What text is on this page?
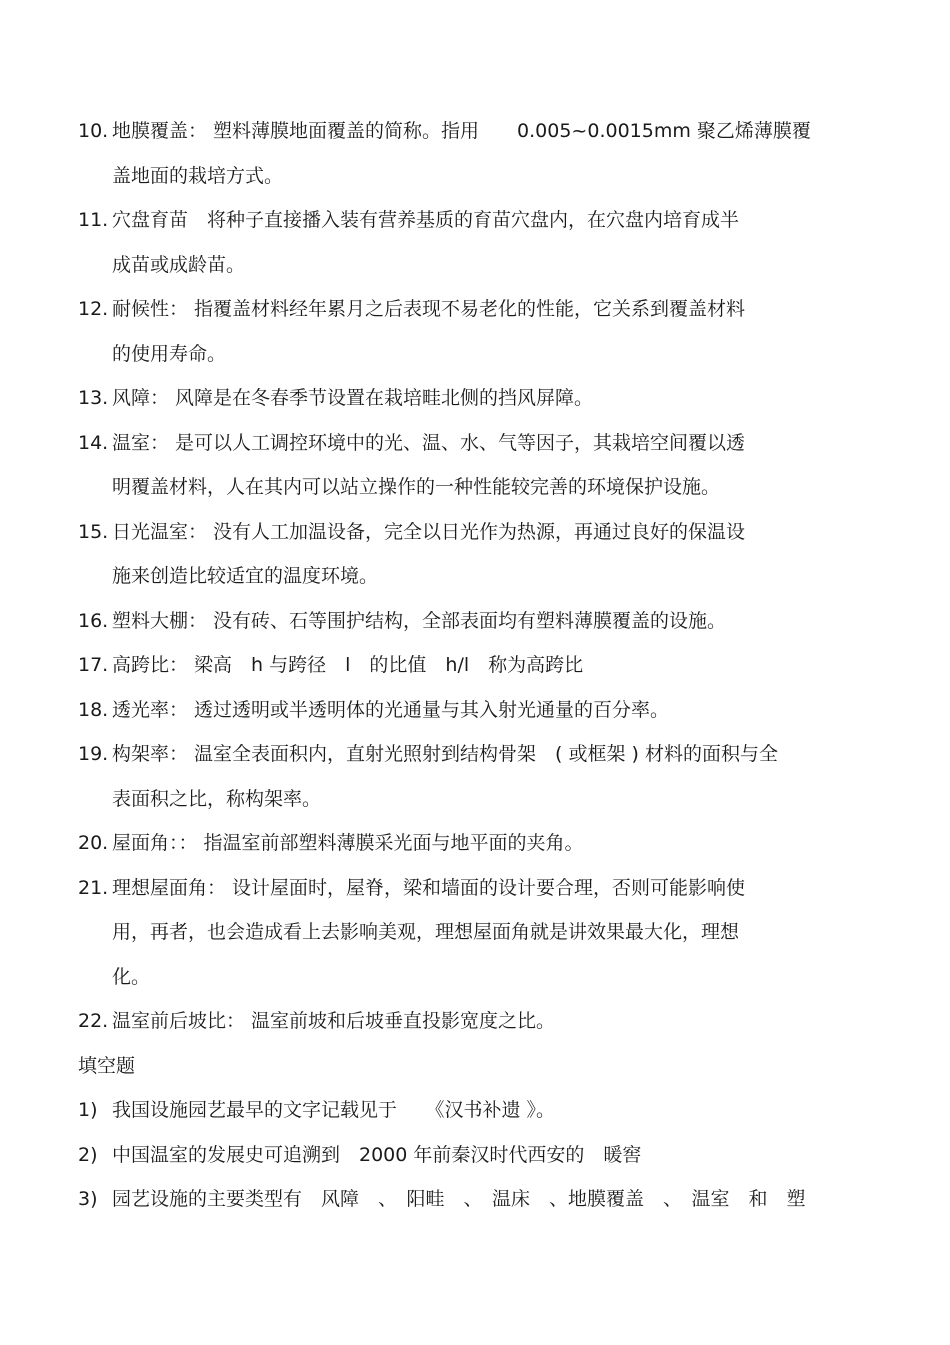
10. 地膜覆盖： 塑料薄膜地面覆盖的简称。指用　　0.005~0.0015mm 聚乙烯薄膜覆
盖地面的栽培方式。
11. 穴盘育苗　将种子直接播入装有营养基质的育苗穴盘内，在穴盘内培育成半
成苗或成龄苗。
12. 耐候性： 指覆盖材料经年累月之后表现不易老化的性能，它关系到覆盖材料
的使用寿命。
13. 风障： 风障是在冬春季节设置在栽培畦北侧的挡风屏障。
14. 温室： 是可以人工调控环境中的光、温、水、气等因子，其栽培空间覆以透
明覆盖材料，人在其内可以站立操作的一种性能较完善的环境保护设施。
15. 日光温室： 没有人工加温设备，完全以日光作为热源，再通过良好的保温设
施来创造比较适宜的温度环境。
16. 塑料大棚： 没有砖、石等围护结构，全部表面均有塑料薄膜覆盖的设施。
17. 高跨比： 梁高　h 与跨径　l　的比值　h/l　称为高跨比
18. 透光率： 透过透明或半透明体的光通量与其入射光通量的百分率。
19. 构架率： 温室全表面积内，直射光照射到结构骨架　( 或框架 ) 材料的面积与全
表面积之比，称构架率。
20. 屋面角：： 指温室前部塑料薄膜采光面与地平面的夹角。
21. 理想屋面角： 设计屋面时，屋脊，梁和墙面的设计要合理，否则可能影响使
用，再者，也会造成看上去影响美观，理想屋面角就是讲效果最大化，理想
化。
22. 温室前后坡比： 温室前坡和后坡垂直投影宽度之比。
填空题
1) 我国设施园艺最早的文字记载见于　　《汉书补遗 》。
2) 中国温室的发展史可追溯到　2000 年前秦汉时代西安的　暖窖
3) 园艺设施的主要类型有　风障　、　阳畦　、　温床　、地膜覆盖　、　温室　和　塑
